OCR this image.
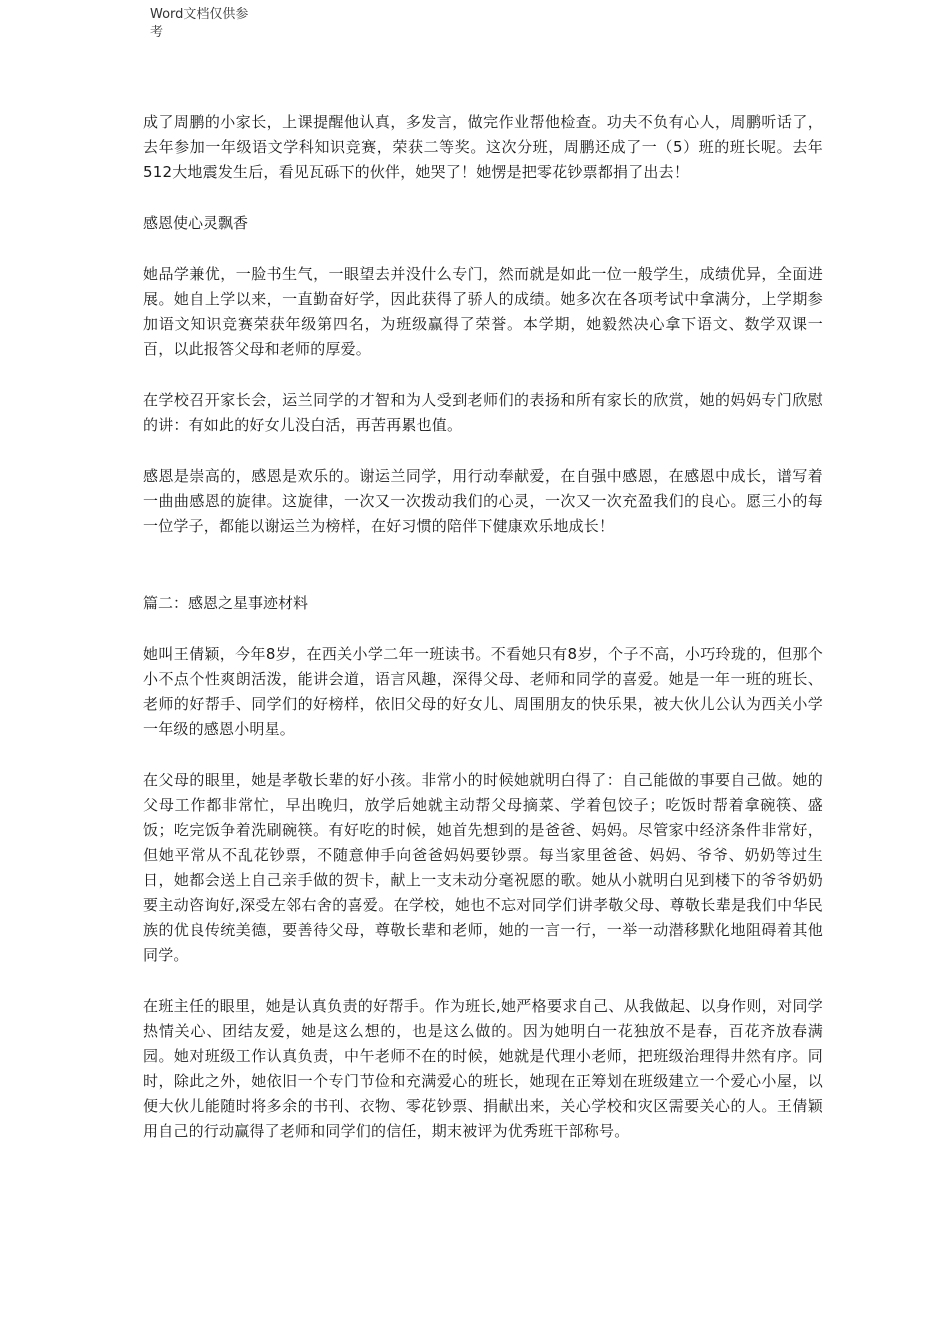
Word文档仅供参考

成了周鹏的小家长，上课提醒他认真，多发言，做完作业帮他检查。功夫不负有心人，周鹏听话了，去年参加一年级语文学科知识竞赛，荣获二等奖。这次分班，周鹏还成了一（5）班的班长呢。去年512大地震发生后，看见瓦砾下的伙伴，她哭了！她愣是把零花钞票都捐了出去！

感恩使心灵飘香

她品学兼优，一脸书生气，一眼望去并没什么专门，然而就是如此一位一般学生，成绩优异，全面进展。她自上学以来，一直勤奋好学，因此获得了骄人的成绩。她多次在各项考试中拿满分，上学期参加语文知识竞赛荣获年级第四名，为班级赢得了荣誉。本学期，她毅然决心拿下语文、数学双课一百，以此报答父母和老师的厚爱。

在学校召开家长会，运兰同学的才智和为人受到老师们的表扬和所有家长的欣赏，她的妈妈专门欣慰的讲：有如此的好女儿没白活，再苦再累也值。

感恩是崇高的，感恩是欢乐的。谢运兰同学，用行动奉献爱，在自强中感恩，在感恩中成长，谱写着一曲曲感恩的旋律。这旋律，一次又一次拨动我们的心灵，一次又一次充盈我们的良心。愿三小的每一位学子，都能以谢运兰为榜样，在好习惯的陪伴下健康欢乐地成长！

篇二：感恩之星事迹材料

她叫王倩颖，今年8岁，在西关小学二年一班读书。不看她只有8岁，个子不高，小巧玲珑的，但那个小不点个性爽朗活泼，能讲会道，语言风趣，深得父母、老师和同学的喜爱。她是一年一班的班长、老师的好帮手、同学们的好榜样，依旧父母的好女儿、周围朋友的快乐果，被大伙儿公认为西关小学一年级的感恩小明星。

在父母的眼里，她是孝敬长辈的好小孩。非常小的时候她就明白得了：自己能做的事要自己做。她的父母工作都非常忙，早出晚归，放学后她就主动帮父母摘菜、学着包饺子；吃饭时帮着拿碗筷、盛饭；吃完饭争着洗刷碗筷。有好吃的时候，她首先想到的是爸爸、妈妈。尽管家中经济条件非常好，但她平常从不乱花钞票，不随意伸手向爸爸妈妈要钞票。每当家里爸爸、妈妈、爷爷、奶奶等过生日，她都会送上自己亲手做的贺卡，献上一支未动分毫祝愿的歌。她从小就明白见到楼下的爷爷奶奶要主动咨询好,深受左邻右舍的喜爱。在学校，她也不忘对同学们讲孝敬父母、尊敬长辈是我们中华民族的优良传统美德，要善待父母，尊敬长辈和老师，她的一言一行，一举一动潜移默化地阻碍着其他同学。

在班主任的眼里，她是认真负责的好帮手。作为班长,她严格要求自己、从我做起、以身作则，对同学热情关心、团结友爱，她是这么想的，也是这么做的。因为她明白一花独放不是春，百花齐放春满园。她对班级工作认真负责，中午老师不在的时候，她就是代理小老师，把班级治理得井然有序。同时，除此之外，她依旧一个专门节俭和充满爱心的班长，她现在正筹划在班级建立一个爱心小屋，以便大伙儿能随时将多余的书刊、衣物、零花钞票、捐献出来，关心学校和灾区需要关心的人。王倩颖用自己的行动赢得了老师和同学们的信任，期末被评为优秀班干部称号。
